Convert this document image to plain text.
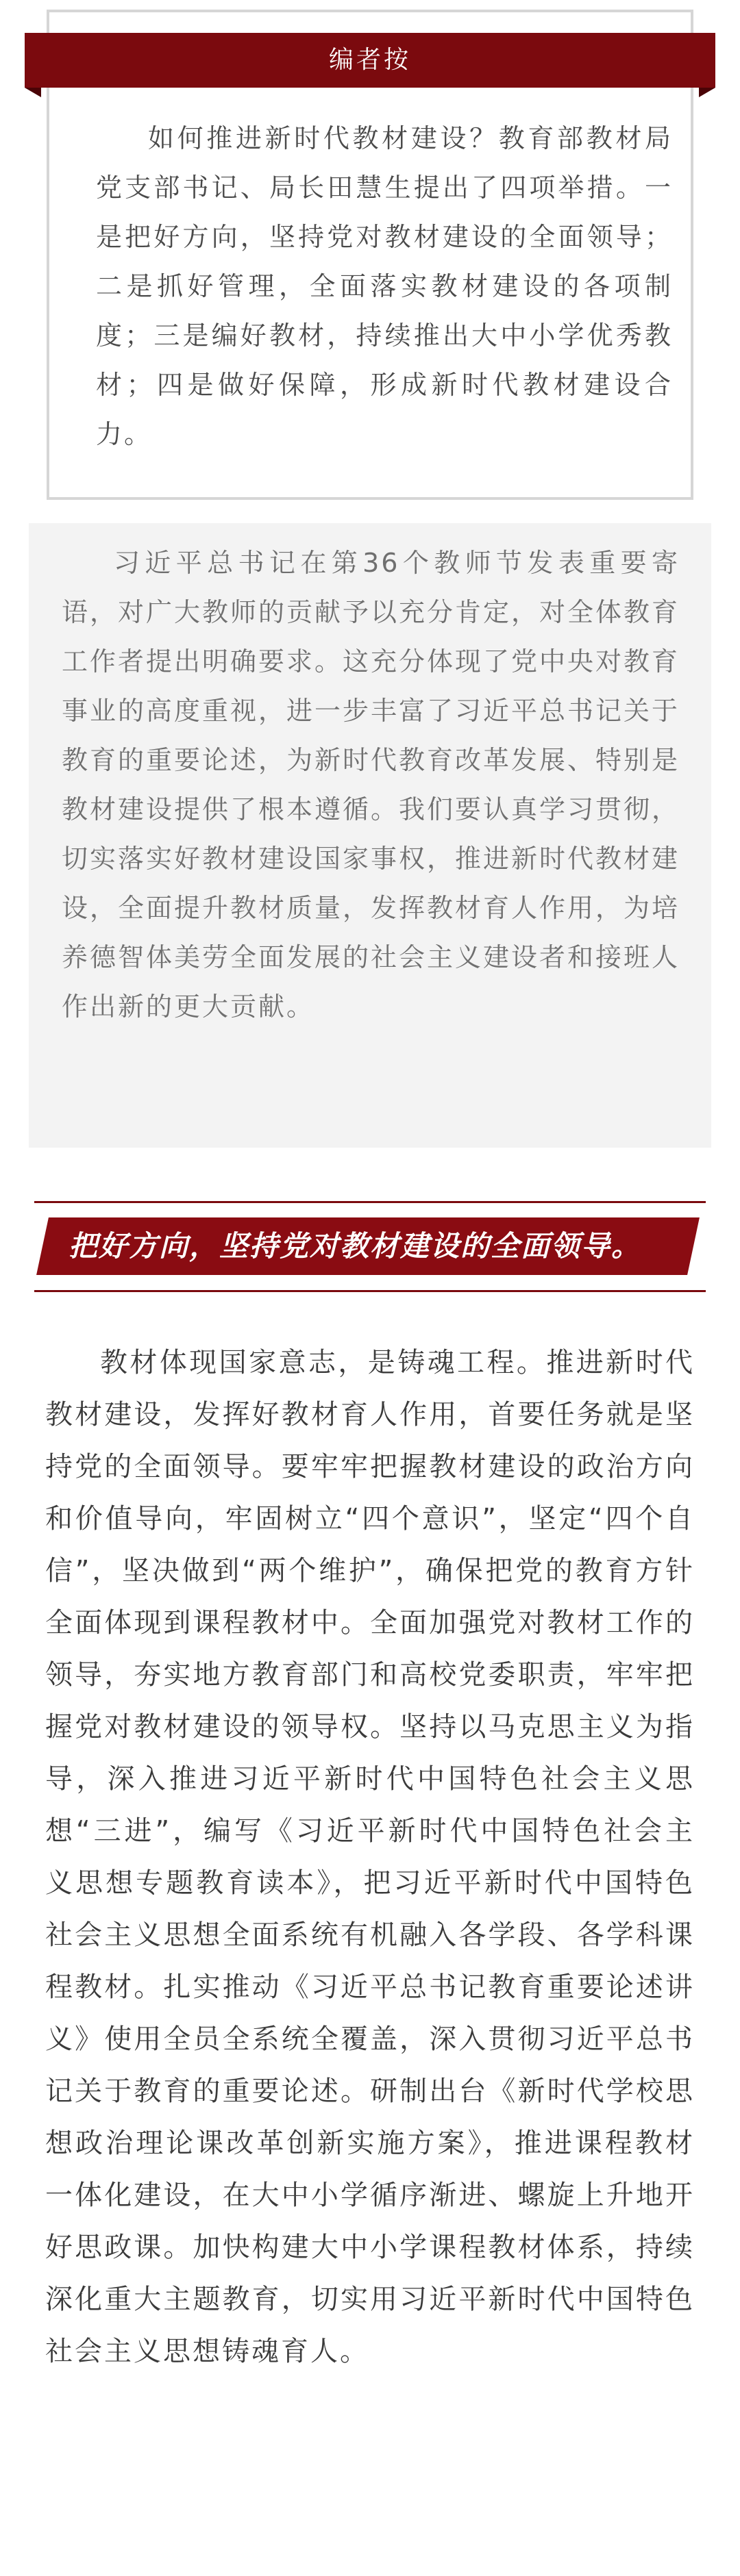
编者按

如何推进新时代教材建设？教育部教材局党支部书记、局长田慧生提出了四项举措。一是把好方向，坚持党对教材建设的全面领导；二是抓好管理，全面落实教材建设的各项制度；三是编好教材，持续推出大中小学优秀教材；四是做好保障，形成新时代教材建设合力。

习近平总书记在第36个教师节发表重要寄语，对广大教师的贡献予以充分肯定，对全体教育工作者提出明确要求。这充分体现了党中央对教育事业的高度重视，进一步丰富了习近平总书记关于教育的重要论述，为新时代教育改革发展、特别是教材建设提供了根本遵循。我们要认真学习贯彻，切实落实好教材建设国家事权，推进新时代教材建设，全面提升教材质量，发挥教材育人作用，为培养德智体美劳全面发展的社会主义建设者和接班人作出新的更大贡献。

把好方向，坚持党对教材建设的全面领导。

教材体现国家意志，是铸魂工程。推进新时代教材建设，发挥好教材育人作用，首要任务就是坚持党的全面领导。要牢牢把握教材建设的政治方向和价值导向，牢固树立“四个意识”，坚定“四个自信”，坚决做到“两个维护”，确保把党的教育方针全面体现到课程教材中。全面加强党对教材工作的领导，夯实地方教育部门和高校党委职责，牢牢把握党对教材建设的领导权。坚持以马克思主义为指导，深入推进习近平新时代中国特色社会主义思想“三进”，编写《习近平新时代中国特色社会主义思想专题教育读本》，把习近平新时代中国特色社会主义思想全面系统有机融入各学段、各学科课程教材。扎实推动《习近平总书记教育重要论述讲义》使用全员全系统全覆盖，深入贯彻习近平总书记关于教育的重要论述。研制出台《新时代学校思想政治理论课改革创新实施方案》，推进课程教材一体化建设，在大中小学循序渐进、螺旋上升地开好思政课。加快构建大中小学课程教材体系，持续深化重大主题教育，切实用习近平新时代中国特色社会主义思想铸魂育人。
